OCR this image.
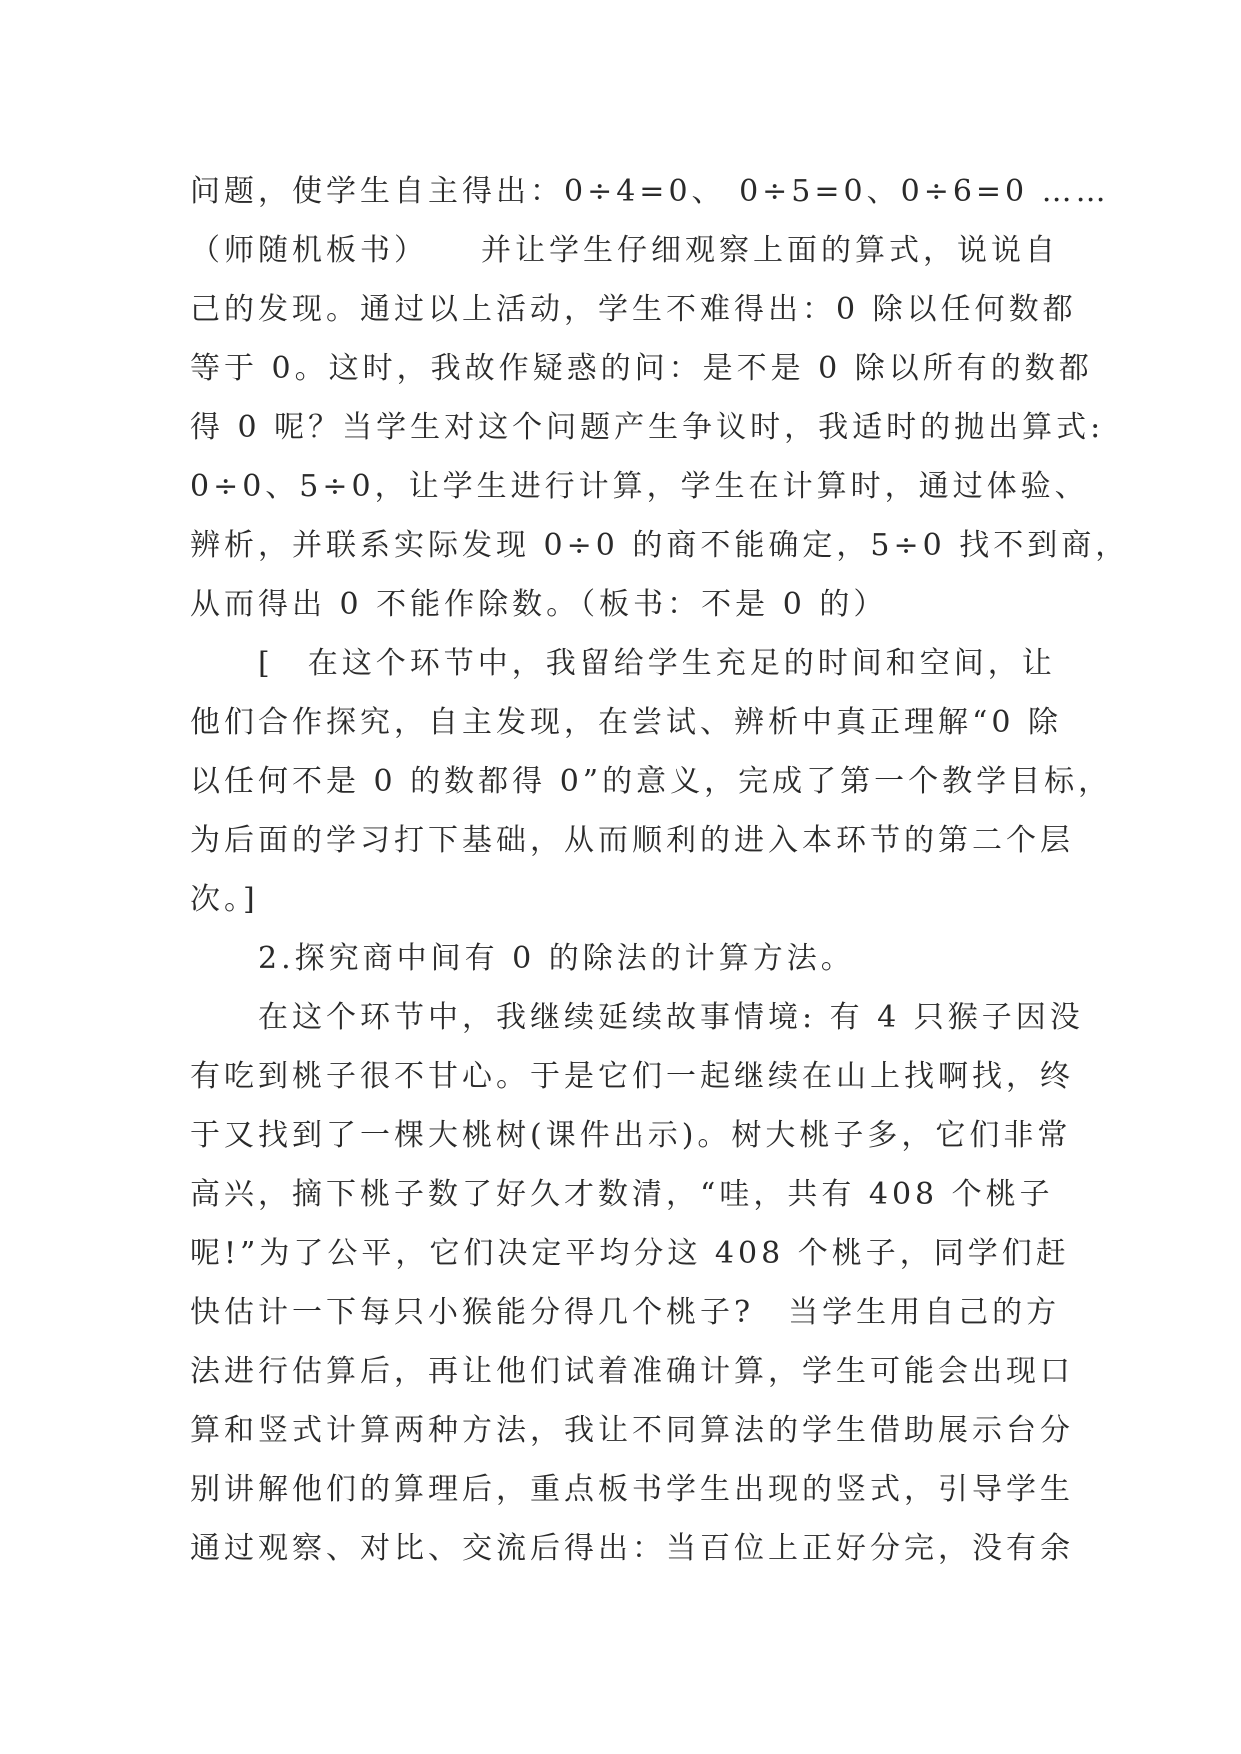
问题，使学生自主得出：0÷4=0、 0÷5=0、0÷6=0 ……
（师随机板书）　　并让学生仔细观察上面的算式，说说自
己的发现。通过以上活动，学生不难得出：0 除以任何数都
等于 0。这时，我故作疑惑的问：是不是 0 除以所有的数都
得 0 呢？当学生对这个问题产生争议时，我适时的抛出算式:
0÷0、5÷0，让学生进行计算，学生在计算时，通过体验、
辨析，并联系实际发现 0÷0 的商不能确定，5÷0 找不到商，
从而得出 0 不能作除数。（板书：不是 0 的）
　　[　在这个环节中，我留给学生充足的时间和空间，让
他们合作探究，自主发现，在尝试、辨析中真正理解“0 除
以任何不是 0 的数都得 0”的意义，完成了第一个教学目标，
为后面的学习打下基础，从而顺利的进入本环节的第二个层
次。]
　　2.探究商中间有 0 的除法的计算方法。
　　在这个环节中，我继续延续故事情境: 有 4 只猴子因没
有吃到桃子很不甘心。于是它们一起继续在山上找啊找，终
于又找到了一棵大桃树(课件出示)。树大桃子多，它们非常
高兴，摘下桃子数了好久才数清，“哇，共有 408 个桃子
呢!”为了公平，它们决定平均分这 408 个桃子，同学们赶
快估计一下每只小猴能分得几个桃子?　当学生用自己的方
法进行估算后，再让他们试着准确计算，学生可能会出现口
算和竖式计算两种方法，我让不同算法的学生借助展示台分
别讲解他们的算理后，重点板书学生出现的竖式，引导学生
通过观察、对比、交流后得出：当百位上正好分完，没有余
